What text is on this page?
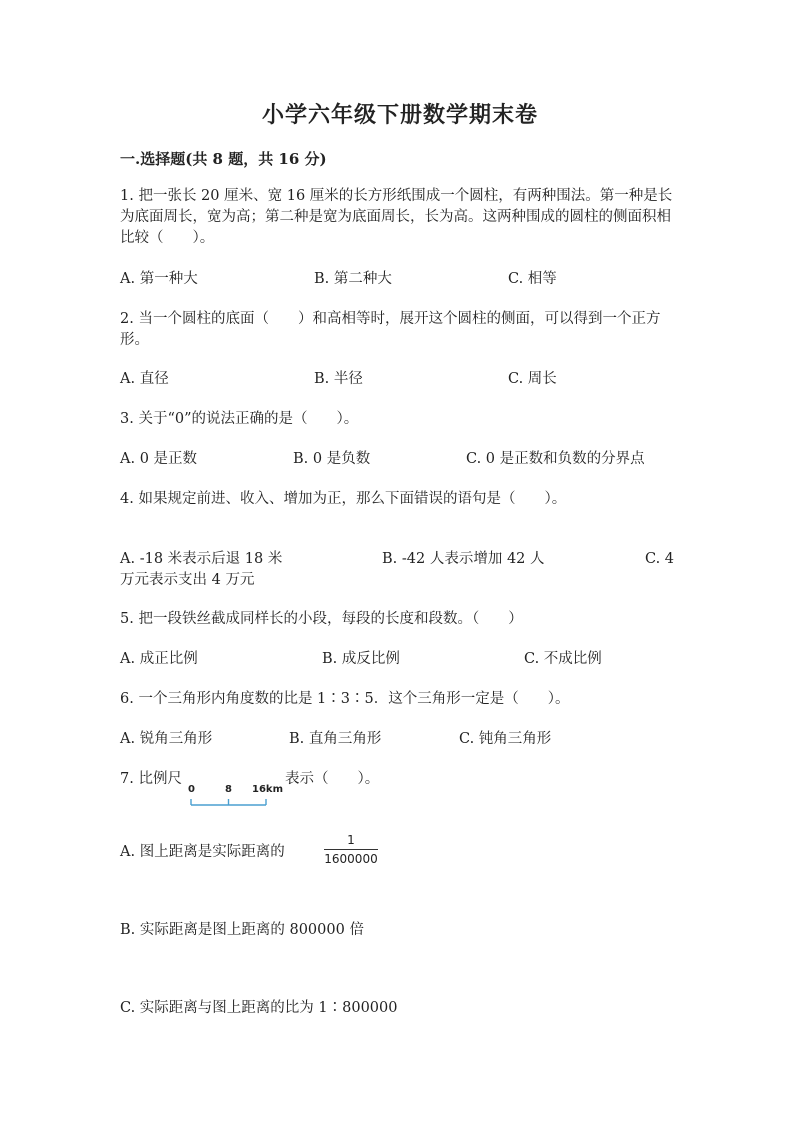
小学六年级下册数学期末卷
一.选择题(共 8 题，共 16 分)
1. 把一张长 20 厘米、宽 16 厘米的长方形纸围成一个圆柱，有两种围法。第一种是长为底面周长，宽为高；第二种是宽为底面周长，长为高。这两种围成的圆柱的侧面积相比较（　　）。
A. 第一种大	B. 第二种大	C. 相等
2. 当一个圆柱的底面（　　）和高相等时，展开这个圆柱的侧面，可以得到一个正方形。
A. 直径	B. 半径	C. 周长
3. 关于“0”的说法正确的是（　　）。
A. 0 是正数	B. 0 是负数	C. 0 是正数和负数的分界点
4. 如果规定前进、收入、增加为正，那么下面错误的语句是（　　）。
A. -18 米表示后退 18 米	B. -42 人表示增加 42 人	C. 4
万元表示支出 4 万元
5. 把一段铁丝截成同样长的小段，每段的长度和段数。（　　）
A. 成正比例	B. 成反比例	C. 不成比例
6. 一个三角形内角度数的比是 1∶3∶5．这个三角形一定是（　　）。
A. 锐角三角形	B. 直角三角形	C. 钝角三角形
7. 比例尺
0	8 16km
表示（　　）。
A. 图上距离是实际距离的
1
1600000
B. 实际距离是图上距离的 800000 倍
C. 实际距离与图上距离的比为 1∶800000
